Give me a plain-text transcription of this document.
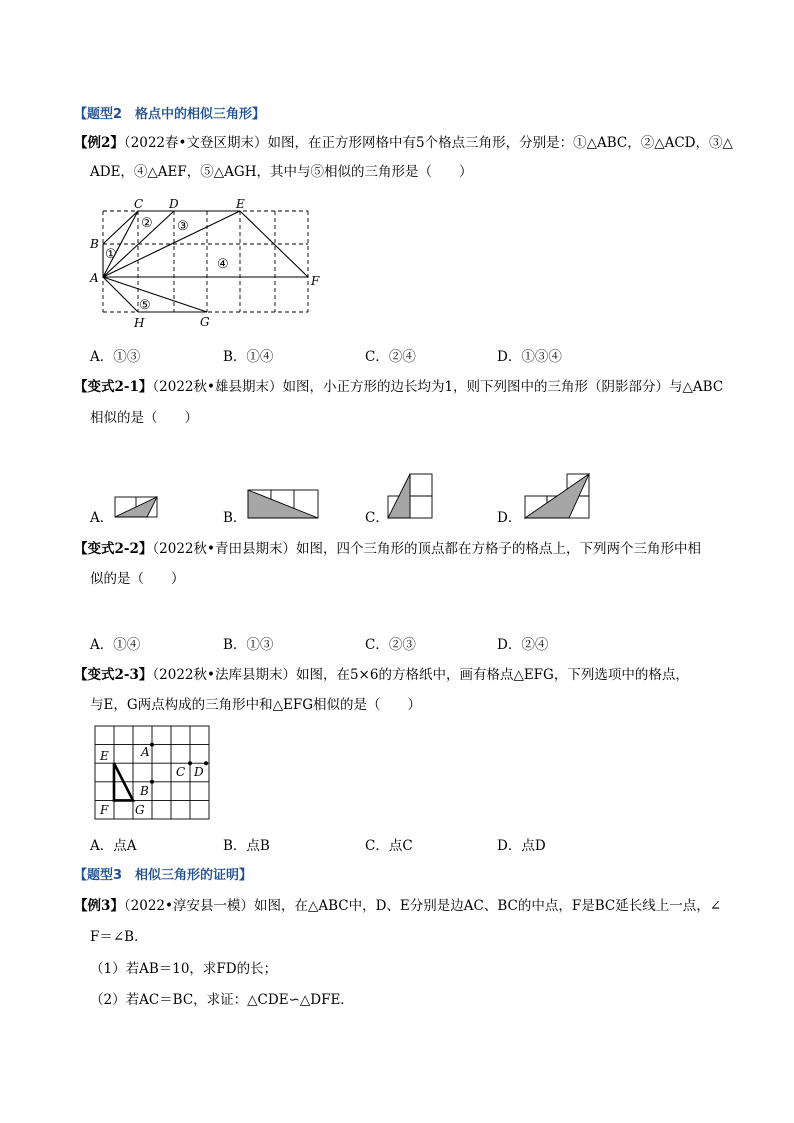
【题型2　格点中的相似三角形】
【例2】（2022春•文登区期末）如图，在正方形网格中有5个格点三角形，分别是：①△ABC，②△ACD，③△
ADE，④△AEF，⑤△AGH，其中与⑤相似的三角形是（　　）
A
B
C D	E
F
G
H
①
② ③
④
⑤
A．①③	B．①④	C．②④	D．①③④
【变式2-1】（2022秋•雄县期末）如图，小正方形的边长均为1，则下列图中的三角形（阴影部分）与△ABC
相似的是（　　）
A．	B．	C．	D．
【变式2-2】（2022秋•青田县期末）如图，四个三角形的顶点都在方格子的格点上，下列两个三角形中相
似的是（　　）
A．①④	B．①③	C．②③	D．②④
【变式2-3】（2022秋•法库县期末）如图，在5×6的方格纸中，画有格点△EFG，下列选项中的格点，
与E，G两点构成的三角形中和△EFG相似的是（　　）
E
F G
A
B
C D
A．点A	B．点B	C．点C	D．点D
【题型3　相似三角形的证明】
【例3】（2022•淳安县一模）如图，在△ABC中，D、E分别是边AC、BC的中点，F是BC延长线上一点，∠
F＝∠B．
（1）若AB＝10，求FD的长；
（2）若AC＝BC，求证：△CDE∽△DFE．
